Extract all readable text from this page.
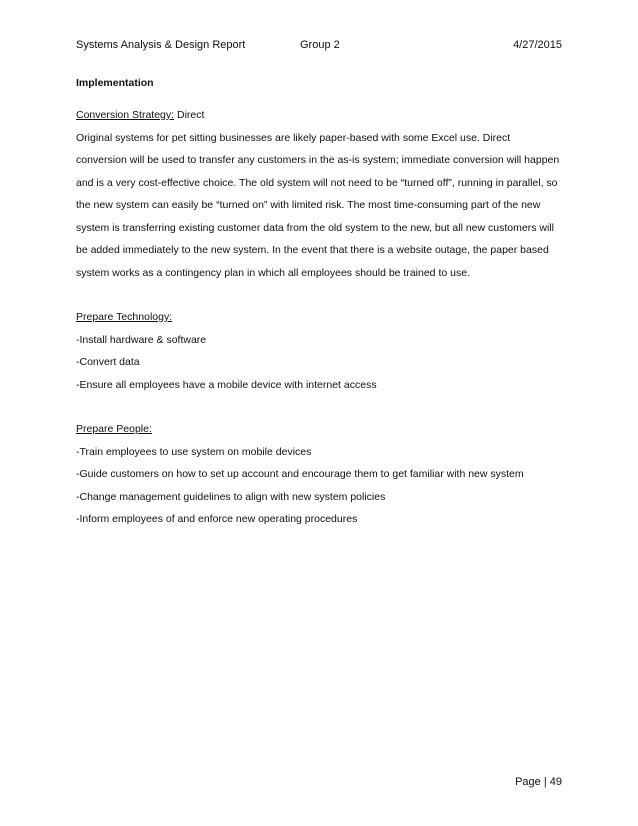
Systems Analysis & Design Report	Group 2	4/27/2015

Implementation

Conversion Strategy: Direct

Original systems for pet sitting businesses are likely paper-based with some Excel use. Direct conversion will be used to transfer any customers in the as-is system; immediate conversion will happen and is a very cost-effective choice. The old system will not need to be “turned off”, running in parallel, so the new system can easily be “turned on” with limited risk. The most time-consuming part of the new system is transferring existing customer data from the old system to the new, but all new customers will be added immediately to the new system. In the event that there is a website outage, the paper based system works as a contingency plan in which all employees should be trained to use.

Prepare Technology:

-Install hardware & software

-Convert data

-Ensure all employees have a mobile device with internet access

Prepare People:

-Train employees to use system on mobile devices

-Guide customers on how to set up account and encourage them to get familiar with new system

-Change management guidelines to align with new system policies

-Inform employees of and enforce new operating procedures

Page | 49
